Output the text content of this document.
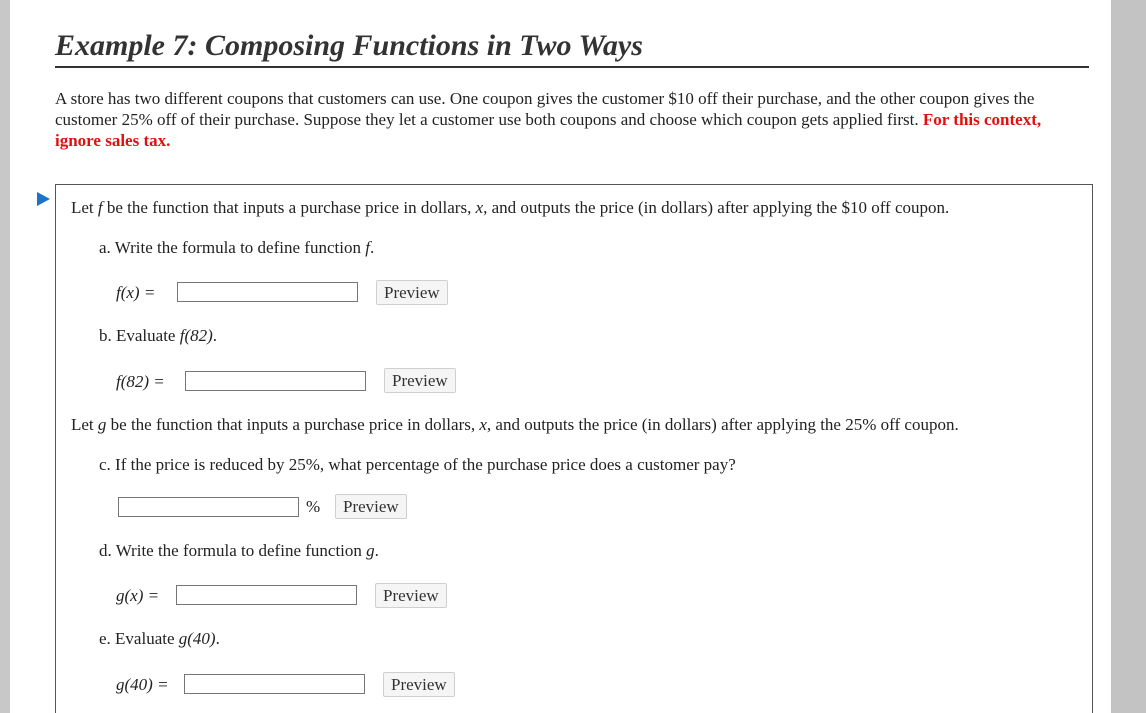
Example 7: Composing Functions in Two Ways
A store has two different coupons that customers can use. One coupon gives the customer $10 off their purchase, and the other coupon gives the customer 25% off of their purchase. Suppose they let a customer use both coupons and choose which coupon gets applied first. For this context, ignore sales tax.
Let f be the function that inputs a purchase price in dollars, x, and outputs the price (in dollars) after applying the $10 off coupon.
a. Write the formula to define function f.
f(x) =	Preview
b. Evaluate f(82).
f(82) =	Preview
Let g be the function that inputs a purchase price in dollars, x, and outputs the price (in dollars) after applying the 25% off coupon.
c. If the price is reduced by 25%, what percentage of the purchase price does a customer pay?
%	Preview
d. Write the formula to define function g.
g(x) =	Preview
e. Evaluate g(40).
g(40) =	Preview
